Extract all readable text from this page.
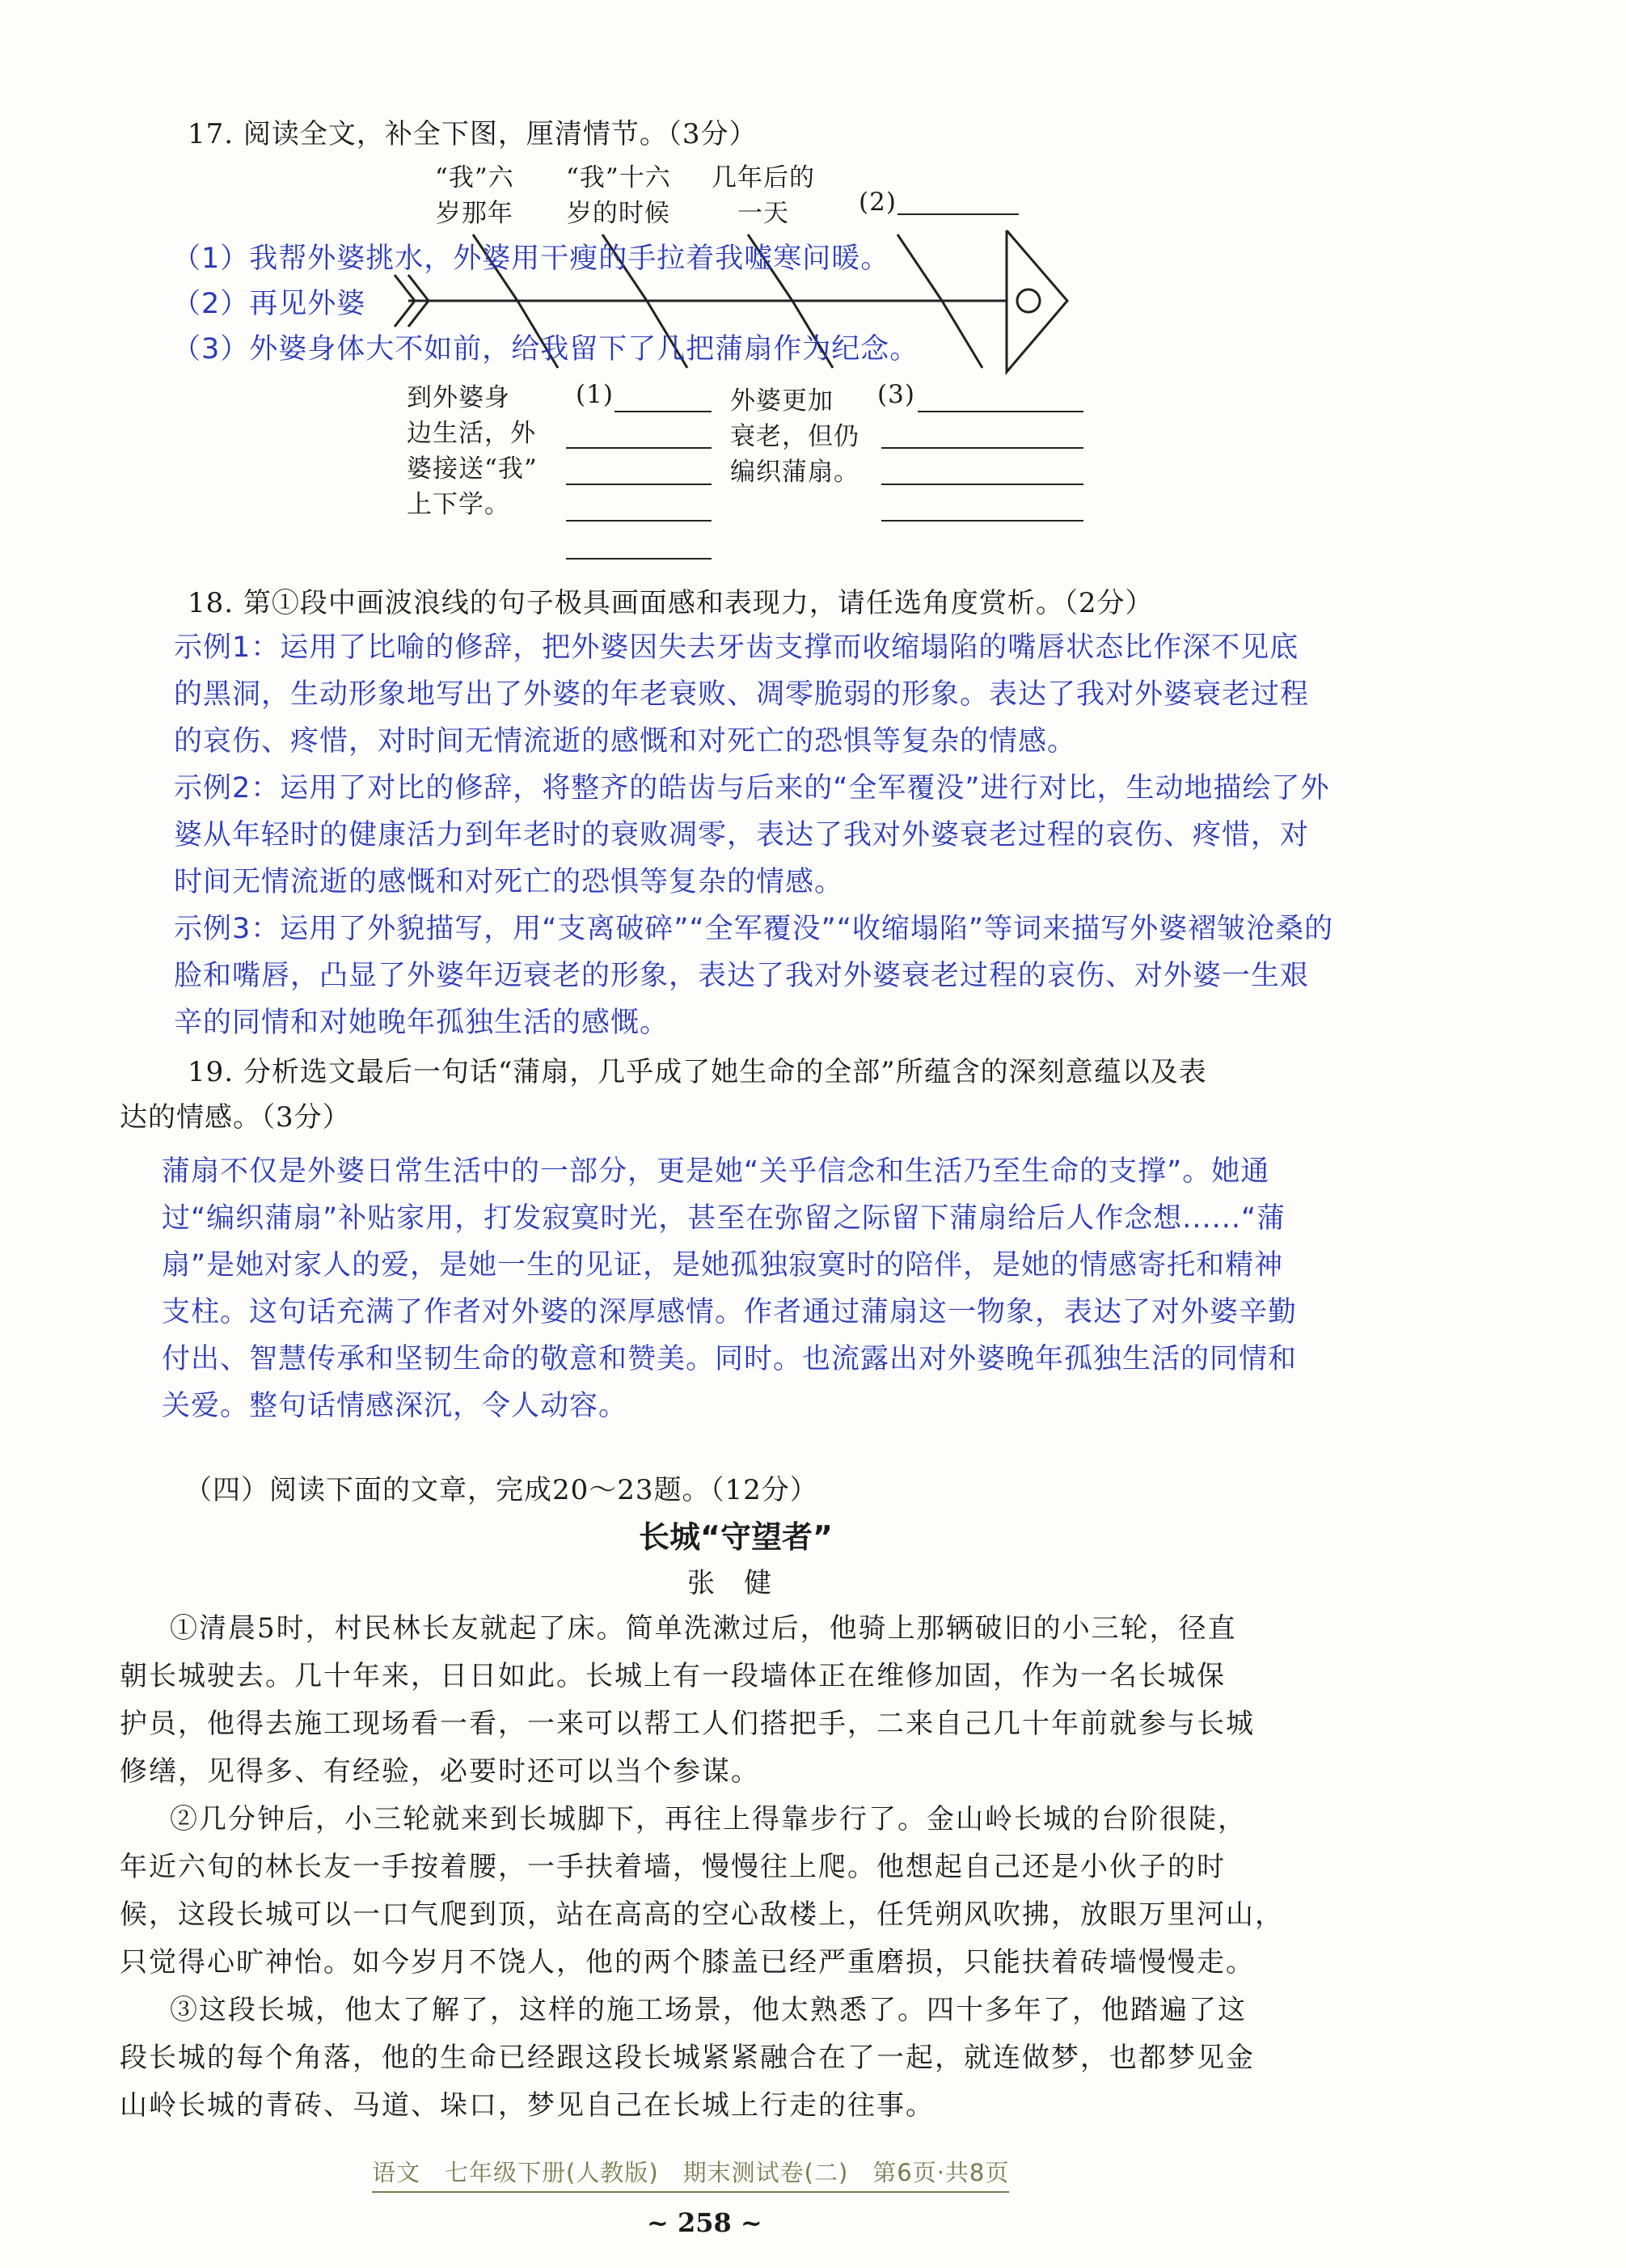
17. 阅读全文，补全下图，厘清情节。（3分）
“我”六
岁那年
“我”十六
岁的时候
几年后的
一天	(2)
（1）我帮外婆挑水，外婆用干瘦的手拉着我嘘寒问暖。
（2）再见外婆
（3）外婆身体大不如前，给我留下了几把蒲扇作为纪念。
到外婆身
边生活，外
婆接送“我”
上下学。
(1)	外婆更加
衰老，但仍
编织蒲扇。
(3)
18. 第①段中画波浪线的句子极具画面感和表现力，请任选角度赏析。（2分）

示例1：运用了比喻的修辞，把外婆因失去牙齿支撑而收缩塌陷的嘴唇状态比作深不见底

的黑洞，生动形象地写出了外婆的年老衰败、凋零脆弱的形象。表达了我对外婆衰老过程

的哀伤、疼惜，对时间无情流逝的感慨和对死亡的恐惧等复杂的情感。

示例2：运用了对比的修辞，将整齐的皓齿与后来的“全军覆没”进行对比，生动地描绘了外

婆从年轻时的健康活力到年老时的衰败凋零，表达了我对外婆衰老过程的哀伤、疼惜，对

时间无情流逝的感慨和对死亡的恐惧等复杂的情感。

示例3：运用了外貌描写，用“支离破碎”“全军覆没”“收缩塌陷”等词来描写外婆褶皱沧桑的

脸和嘴唇，凸显了外婆年迈衰老的形象，表达了我对外婆衰老过程的哀伤、对外婆一生艰

辛的同情和对她晚年孤独生活的感慨。

19. 分析选文最后一句话“蒲扇，几乎成了她生命的全部”所蕴含的深刻意蕴以及表
达的情感。（3分）

蒲扇不仅是外婆日常生活中的一部分，更是她“关乎信念和生活乃至生命的支撑”。她通

过“编织蒲扇”补贴家用，打发寂寞时光，甚至在弥留之际留下蒲扇给后人作念想......“蒲

扇”是她对家人的爱，是她一生的见证，是她孤独寂寞时的陪伴，是她的情感寄托和精神

支柱。这句话充满了作者对外婆的深厚感情。作者通过蒲扇这一物象，表达了对外婆辛勤

付出、智慧传承和坚韧生命的敬意和赞美。同时。也流露出对外婆晚年孤独生活的同情和

关爱。整句话情感深沉，令人动容。

（四）阅读下面的文章，完成20～23题。（12分）
长城“守望者”
张　健

①清晨5时，村民林长友就起了床。简单洗漱过后，他骑上那辆破旧的小三轮，径直

朝长城驶去。几十年来，日日如此。长城上有一段墙体正在维修加固，作为一名长城保

护员，他得去施工现场看一看，一来可以帮工人们搭把手，二来自己几十年前就参与长城

修缮，见得多、有经验，必要时还可以当个参谋。

②几分钟后，小三轮就来到长城脚下，再往上得靠步行了。金山岭长城的台阶很陡，

年近六旬的林长友一手按着腰，一手扶着墙，慢慢往上爬。他想起自己还是小伙子的时

候，这段长城可以一口气爬到顶，站在高高的空心敌楼上，任凭朔风吹拂，放眼万里河山，

只觉得心旷神怡。如今岁月不饶人，他的两个膝盖已经严重磨损，只能扶着砖墙慢慢走。

③这段长城，他太了解了，这样的施工场景，他太熟悉了。四十多年了，他踏遍了这

段长城的每个角落，他的生命已经跟这段长城紧紧融合在了一起，就连做梦，也都梦见金

山岭长城的青砖、马道、垛口，梦见自己在长城上行走的往事。

语文　七年级下册(人教版)　期末测试卷(二)　第6页·共8页
~ 258 ~
